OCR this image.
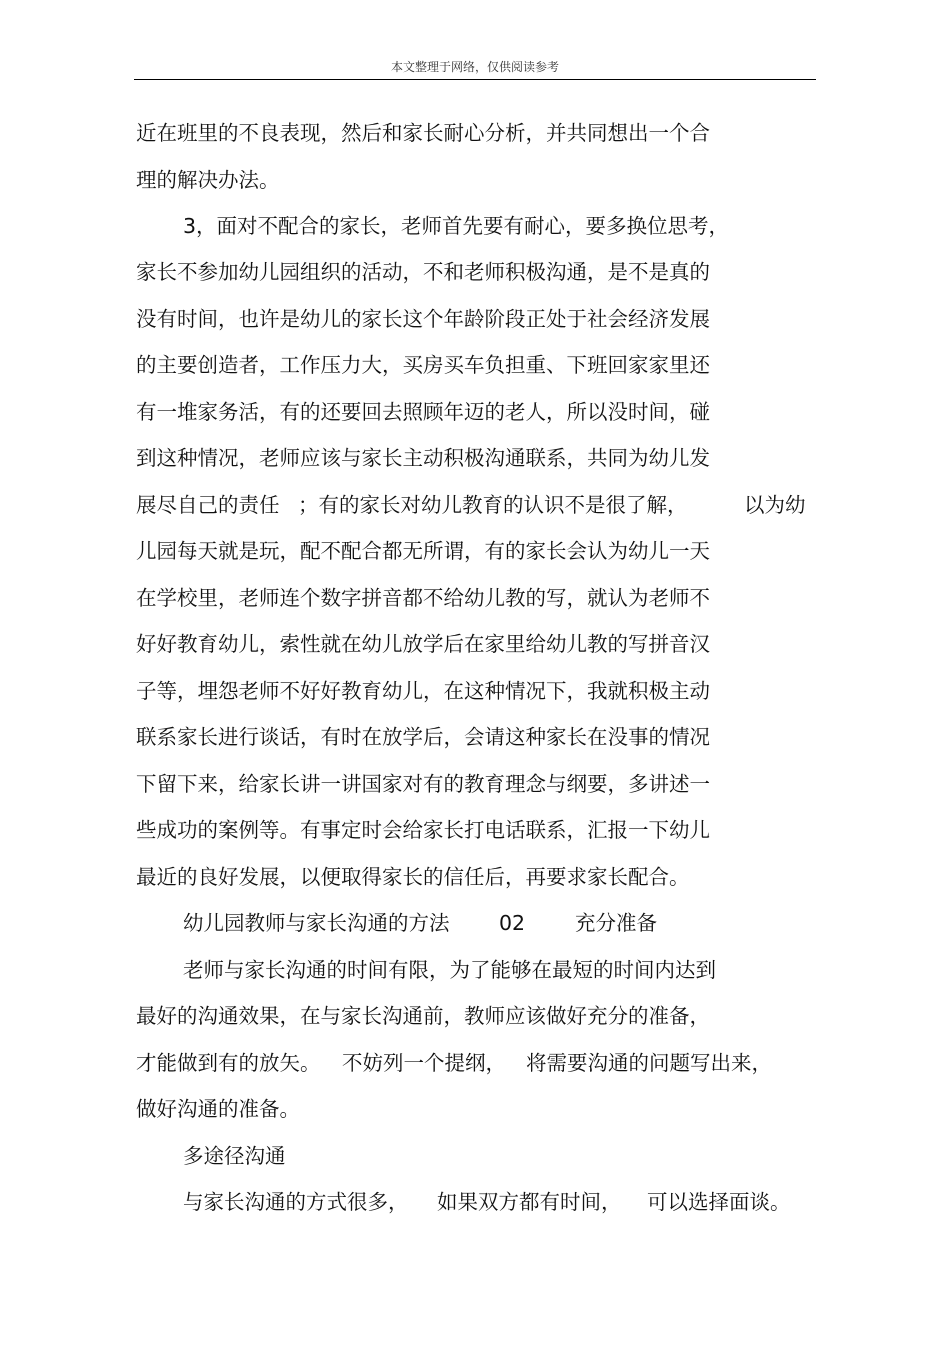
本文整理于网络，仅供阅读参考
近在班里的不良表现，然后和家长耐心分析，并共同想出一个合
理的解决办法。
3，面对不配合的家长，老师首先要有耐心，要多换位思考，
家长不参加幼儿园组织的活动，不和老师积极沟通，是不是真的
没有时间，也许是幼儿的家长这个年龄阶段正处于社会经济发展
的主要创造者，工作压力大，买房买车负担重、下班回家家里还
有一堆家务活，有的还要回去照顾年迈的老人，所以没时间，碰
到这种情况，老师应该与家长主动积极沟通联系，共同为幼儿发
展尽自己的责任 ；有的家长对幼儿教育的认识不是很了解，	以为幼
儿园每天就是玩，配不配合都无所谓，有的家长会认为幼儿一天
在学校里，老师连个数字拼音都不给幼儿教的写，就认为老师不
好好教育幼儿，索性就在幼儿放学后在家里给幼儿教的写拼音汉
子等，埋怨老师不好好教育幼儿，在这种情况下，我就积极主动
联系家长进行谈话，有时在放学后，会请这种家长在没事的情况
下留下来，给家长讲一讲国家对有的教育理念与纲要，多讲述一
些成功的案例等。有事定时会给家长打电话联系，汇报一下幼儿
最近的良好发展，以便取得家长的信任后，再要求家长配合。
幼儿园教师与家长沟通的方法 02 充分准备
老师与家长沟通的时间有限，为了能够在最短的时间内达到
最好的沟通效果，在与家长沟通前，教师应该做好充分的准备，
才能做到有的放矢。 不妨列一个提纲， 将需要沟通的问题写出来，
做好沟通的准备。
多途径沟通
与家长沟通的方式很多， 如果双方都有时间， 可以选择面谈。
